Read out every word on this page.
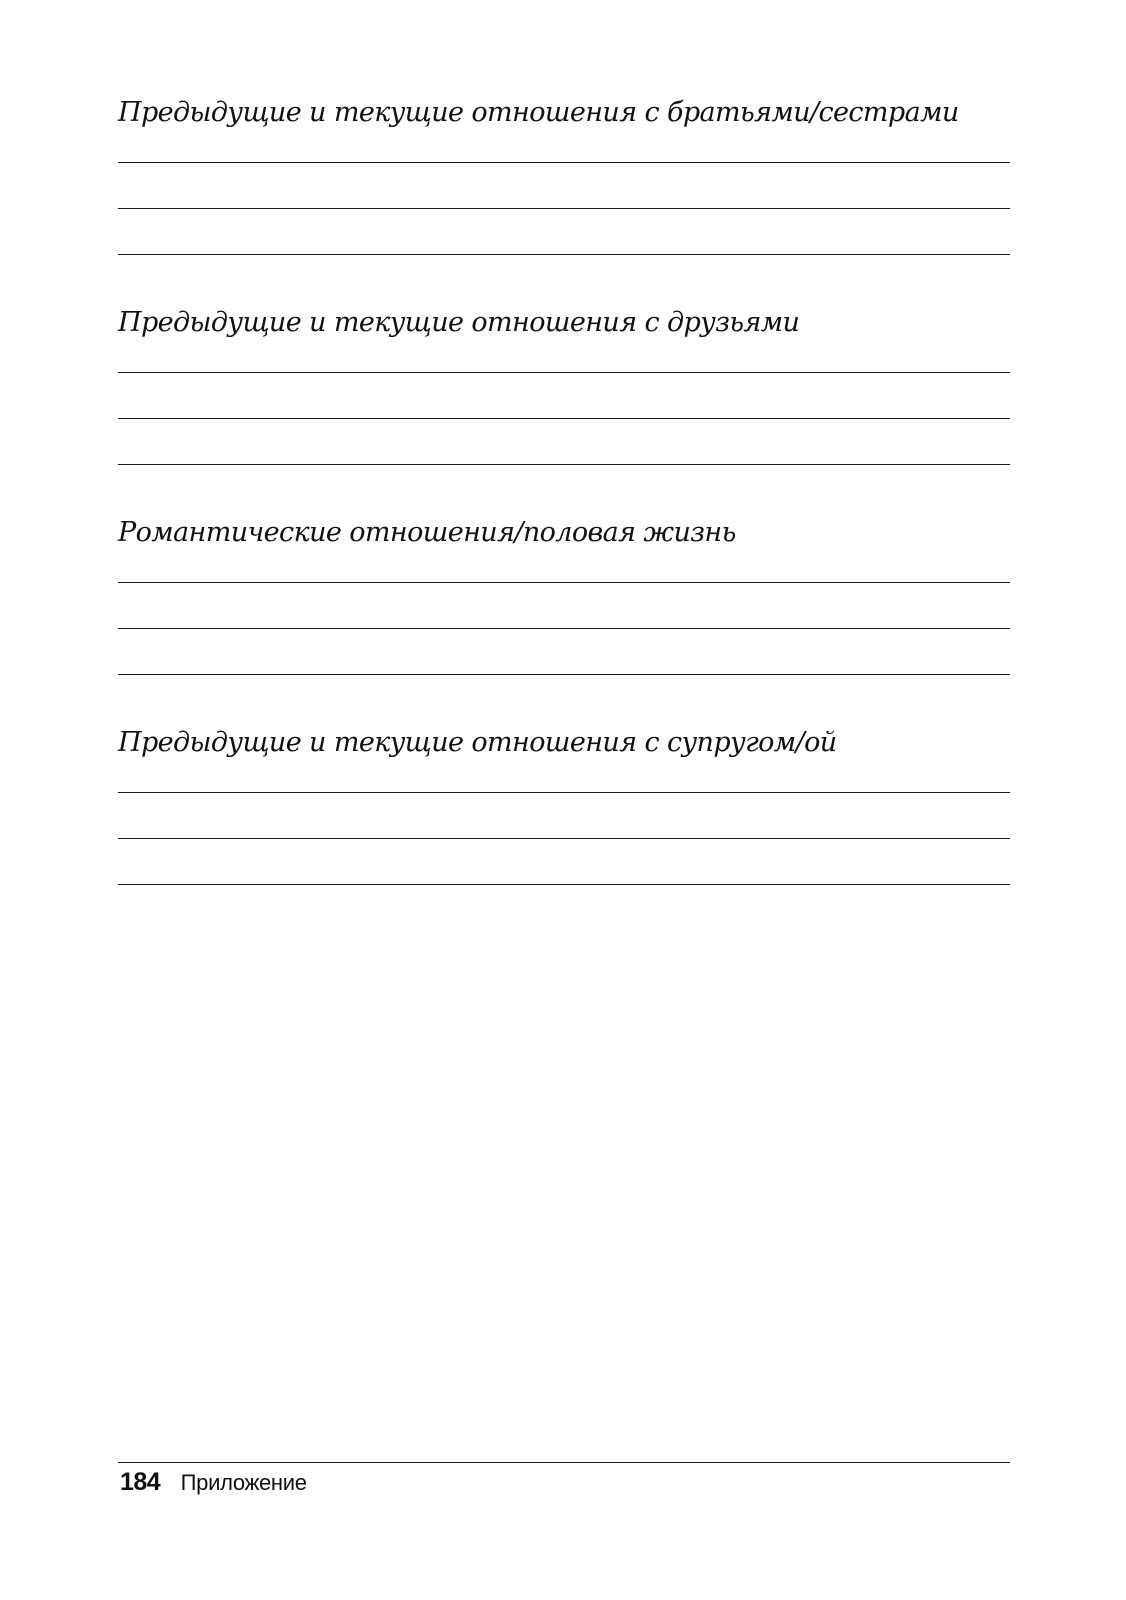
Предыдущие и текущие отношения с братьями/сестрами
Предыдущие и текущие отношения с друзьями
Романтические отношения/половая жизнь
Предыдущие и текущие отношения с супругом/ой
184 Приложение
